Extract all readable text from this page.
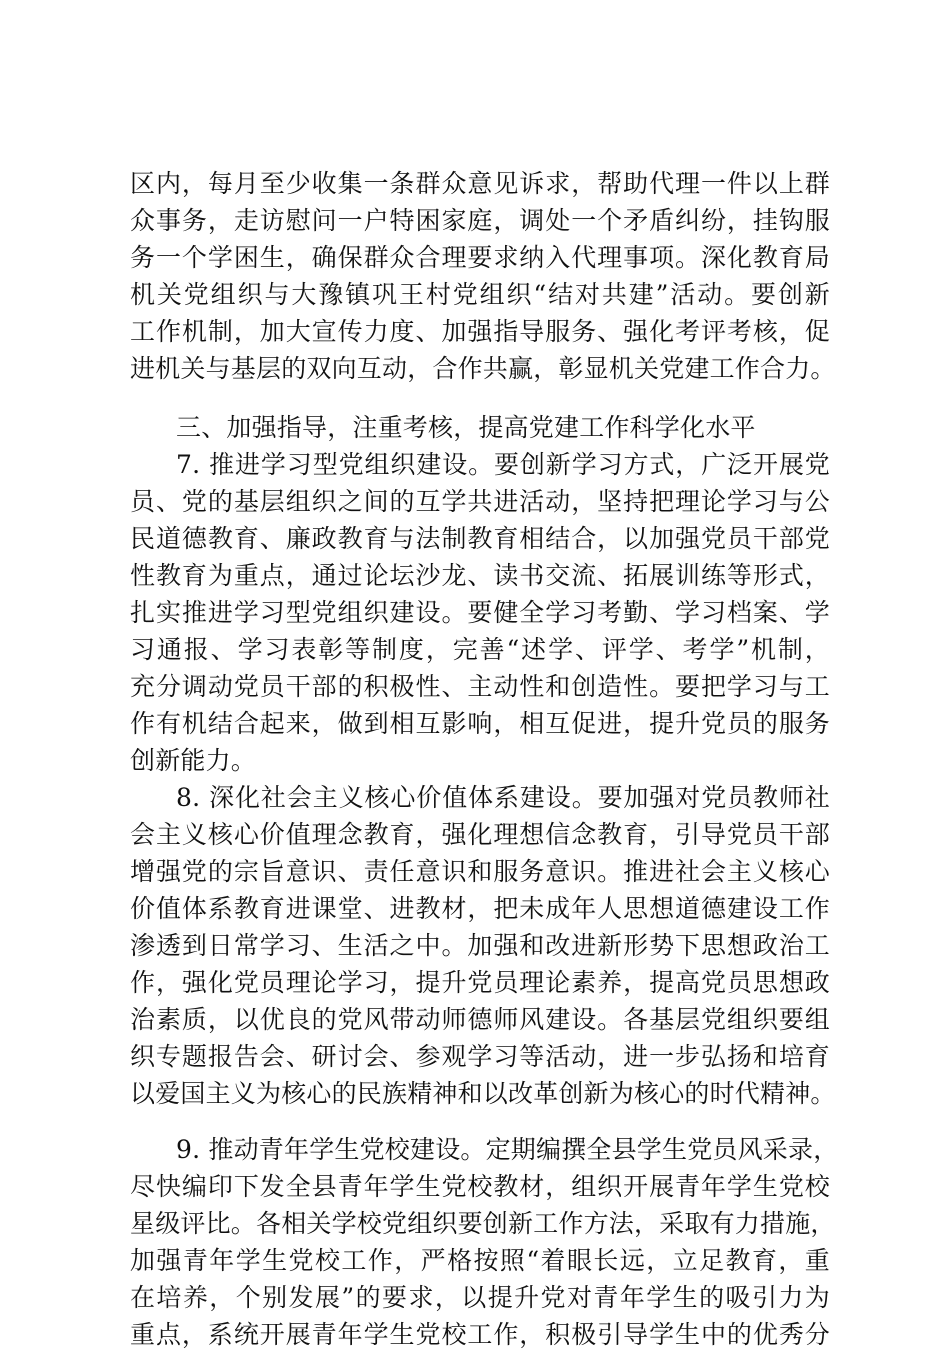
区内，每月至少收集一条群众意见诉求，帮助代理一件以上群
众事务，走访慰问一户特困家庭，调处一个矛盾纠纷，挂钩服
务一个学困生，确保群众合理要求纳入代理事项。深化教育局
机关党组织与大豫镇巩王村党组织“结对共建”活动。要创新
工作机制，加大宣传力度、加强指导服务、强化考评考核，促
进机关与基层的双向互动，合作共赢，彰显机关党建工作合力。
三、加强指导，注重考核，提高党建工作科学化水平
7. 推进学习型党组织建设。要创新学习方式，广泛开展党
员、党的基层组织之间的互学共进活动，坚持把理论学习与公
民道德教育、廉政教育与法制教育相结合，以加强党员干部党
性教育为重点，通过论坛沙龙、读书交流、拓展训练等形式，
扎实推进学习型党组织建设。要健全学习考勤、学习档案、学
习通报、学习表彰等制度，完善“述学、评学、考学”机制，
充分调动党员干部的积极性、主动性和创造性。要把学习与工
作有机结合起来，做到相互影响，相互促进，提升党员的服务
创新能力。
8. 深化社会主义核心价值体系建设。要加强对党员教师社
会主义核心价值理念教育，强化理想信念教育，引导党员干部
增强党的宗旨意识、责任意识和服务意识。推进社会主义核心
价值体系教育进课堂、进教材，把未成年人思想道德建设工作
渗透到日常学习、生活之中。加强和改进新形势下思想政治工
作，强化党员理论学习，提升党员理论素养，提高党员思想政
治素质，以优良的党风带动师德师风建设。各基层党组织要组
织专题报告会、研讨会、参观学习等活动，进一步弘扬和培育
以爱国主义为核心的民族精神和以改革创新为核心的时代精神。
9. 推动青年学生党校建设。定期编撰全县学生党员风采录，
尽快编印下发全县青年学生党校教材，组织开展青年学生党校
星级评比。各相关学校党组织要创新工作方法，采取有力措施，
加强青年学生党校工作，严格按照“着眼长远，立足教育，重
在培养，个别发展”的要求，以提升党对青年学生的吸引力为
重点，系统开展青年学生党校工作，积极引导学生中的优秀分
